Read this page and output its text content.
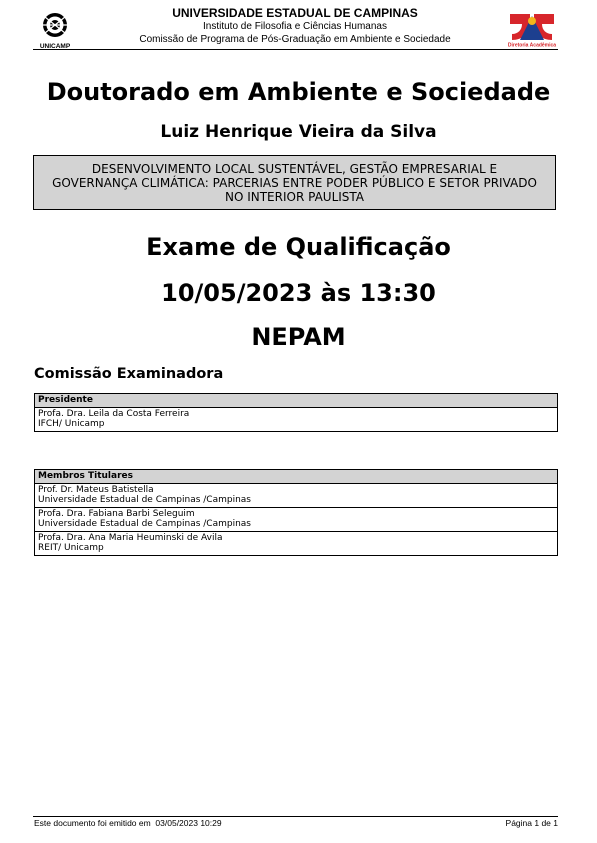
UNICAMP
UNIVERSIDADE ESTADUAL DE CAMPINAS
Instituto de Filosofia e Ciências Humanas
Comissão de Programa de Pós-Graduação em Ambiente e Sociedade
Diretoria Acadêmica
Doutorado em Ambiente e Sociedade
Luiz Henrique Vieira da Silva
DESENVOLVIMENTO LOCAL SUSTENTÁVEL, GESTÃO EMPRESARIAL E GOVERNANÇA CLIMÁTICA: PARCERIAS ENTRE PODER PÚBLICO E SETOR PRIVADO NO INTERIOR PAULISTA
Exame de Qualificação
10/05/2023 às 13:30
NEPAM
Comissão Examinadora
Presidente
Profa. Dra. Leila da Costa Ferreira
IFCH/ Unicamp
Membros Titulares
Prof. Dr. Mateus Batistella
Universidade Estadual de Campinas /Campinas
Profa. Dra. Fabiana Barbi Seleguim
Universidade Estadual de Campinas /Campinas
Profa. Dra. Ana Maria Heuminski de Avila
REIT/ Unicamp
Este documento foi emitido em  03/05/2023 10:29	Página 1 de 1
